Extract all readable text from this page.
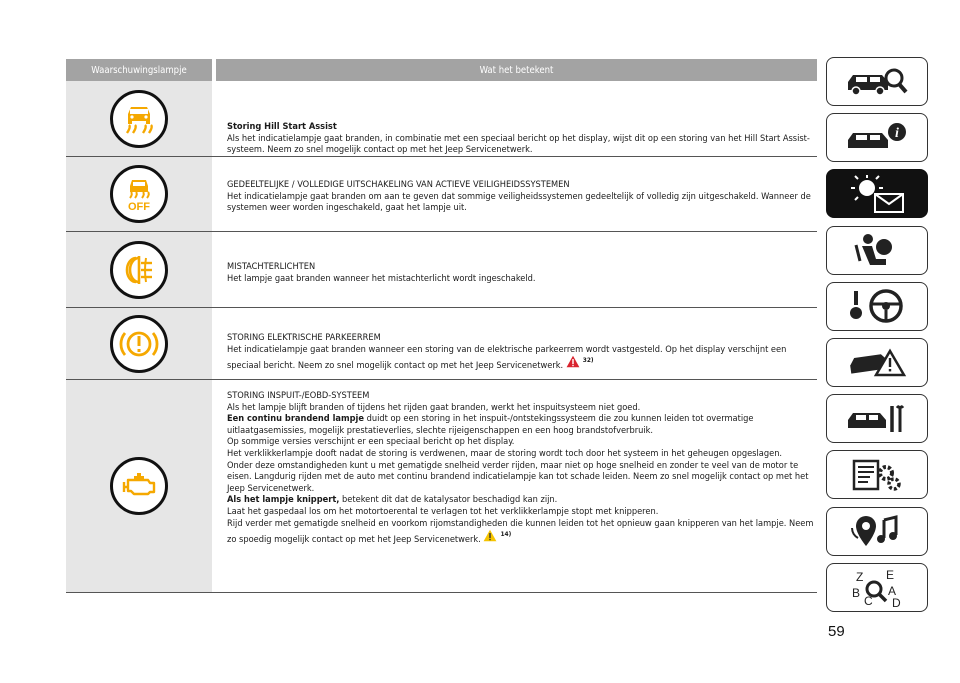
Waarschuwingslampje	Wat het betekent
Storing Hill Start Assist
Als het indicatielampje gaat branden, in combinatie met een speciaal bericht op het display, wijst dit op een storing van het Hill Start Assist-systeem. Neem zo snel mogelijk contact op met het Jeep Servicenetwerk.
OFF
GEDEELTELIJKE / VOLLEDIGE UITSCHAKELING VAN ACTIEVE VEILIGHEIDSSYSTEMEN
Het indicatielampje gaat branden om aan te geven dat sommige veiligheidssystemen gedeeltelijk of volledig zijn uitgeschakeld. Wanneer de systemen weer worden ingeschakeld, gaat het lampje uit.
MISTACHTERLICHTEN
Het lampje gaat branden wanneer het mistachterlicht wordt ingeschakeld.
STORING ELEKTRISCHE PARKEERREM
Het indicatielampje gaat branden wanneer een storing van de elektrische parkeerrem wordt vastgesteld. Op het display verschijnt een speciaal bericht. Neem zo snel mogelijk contact op met het Jeep Servicenetwerk.
32)
STORING INSPUIT-/EOBD-SYSTEEM
Als het lampje blijft branden of tijdens het rijden gaat branden, werkt het inspuitsysteem niet goed.
Een continu brandend lampje duidt op een storing in het inspuit-/ontstekingssysteem die zou kunnen leiden tot overmatige uitlaatgasemissies, mogelijk prestatieverlies, slechte rijeigenschappen en een hoog brandstofverbruik.
Op sommige versies verschijnt er een speciaal bericht op het display.
Het verklikkerlampje dooft nadat de storing is verdwenen, maar de storing wordt toch door het systeem in het geheugen opgeslagen.
Onder deze omstandigheden kunt u met gematigde snelheid verder rijden, maar niet op hoge snelheid en zonder te veel van de motor te eisen. Langdurig rijden met de auto met continu brandend indicatielampje kan tot schade leiden. Neem zo snel mogelijk contact op met het Jeep Servicenetwerk.
Als het lampje knippert, betekent dit dat de katalysator beschadigd kan zijn.
Laat het gaspedaal los om het motortoerental te verlagen tot het verklikkerlampje stopt met knipperen.
Rijd verder met gematigde snelheid en voorkom rijomstandigheden die kunnen leiden tot het opnieuw gaan knipperen van het lampje. Neem zo spoedig mogelijk contact op met het Jeep Servicenetwerk.
14)
i
Z E
B A
C D
59
